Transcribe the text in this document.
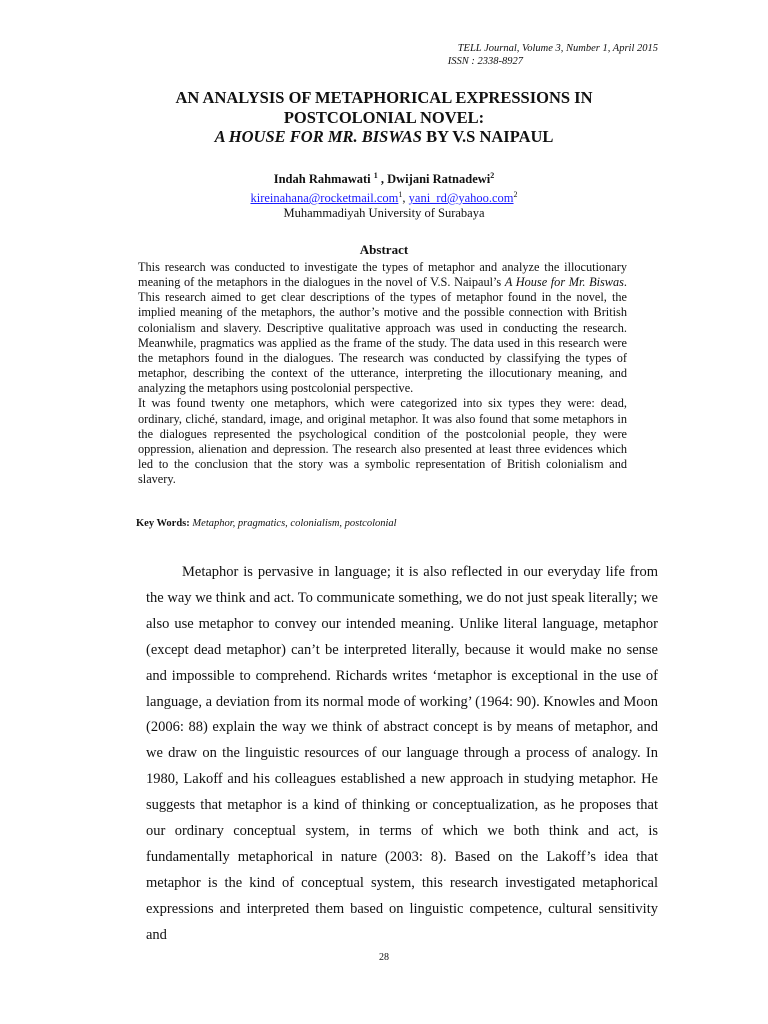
TELL Journal, Volume 3, Number 1, April 2015
ISSN : 2338-8927
AN ANALYSIS OF METAPHORICAL EXPRESSIONS IN
POSTCOLONIAL NOVEL:
A HOUSE FOR MR. BISWAS BY V.S NAIPAUL
Indah Rahmawati $^1$ , Dwijani Ratnadewi$^2$
kireinahana@rocketmail.com$^1$, yani_rd@yahoo.com$^2$
Muhammadiyah University of Surabaya
Abstract

This research was conducted to investigate the types of metaphor and analyze the illocutionary meaning of the metaphors in the dialogues in the novel of V.S. Naipaul’s A House for Mr. Biswas. This research aimed to get clear descriptions of the types of metaphor found in the novel, the implied meaning of the metaphors, the author’s motive and the possible connection with British colonialism and slavery. Descriptive qualitative approach was used in conducting the research. Meanwhile, pragmatics was applied as the frame of the study. The data used in this research were the metaphors found in the dialogues. The research was conducted by classifying the types of metaphor, describing the context of the utterance, interpreting the illocutionary meaning, and analyzing the metaphors using postcolonial perspective.

It was found twenty one metaphors, which were categorized into six types they were: dead, ordinary, cliché, standard, image, and original metaphor. It was also found that some metaphors in the dialogues represented the psychological condition of the postcolonial people, they were oppression, alienation and depression. The research also presented at least three evidences which led to the conclusion that the story was a symbolic representation of British colonialism and slavery.

Key Words: Metaphor, pragmatics, colonialism, postcolonial

Metaphor is pervasive in language; it is also reflected in our everyday life from the way we think and act. To communicate something, we do not just speak literally; we also use metaphor to convey our intended meaning. Unlike literal language, metaphor (except dead metaphor) can’t be interpreted literally, because it would make no sense and impossible to comprehend. Richards writes ‘metaphor is exceptional in the use of language, a deviation from its normal mode of working’ (1964: 90). Knowles and Moon (2006: 88) explain the way we think of abstract concept is by means of metaphor, and we draw on the linguistic resources of our language through a process of analogy. In 1980, Lakoff and his colleagues established a new approach in studying metaphor. He suggests that metaphor is a kind of thinking or conceptualization, as he proposes that our ordinary conceptual system, in terms of which we both think and act, is fundamentally metaphorical in nature (2003: 8). Based on the Lakoff’s idea that metaphor is the kind of conceptual system, this research investigated metaphorical expressions and interpreted them based on linguistic competence, cultural sensitivity and

28
